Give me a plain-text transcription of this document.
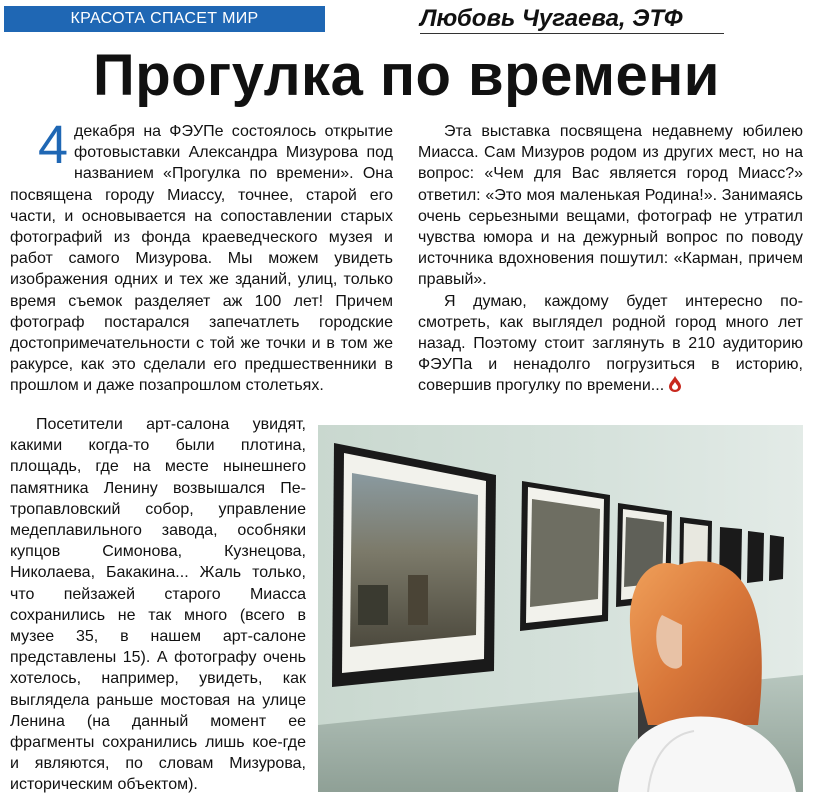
КРАСОТА СПАСЕТ МИР	Любовь Чугаева, ЭТФ
Прогулка по времени
4 декабря на ФЭУПе состоялось открытие фотовыставки Александра Мизурова под названием «Прогулка по времени». Она посвящена городу Миассу, точнее, старой его части, и основывается на сопоставлении старых фотографий из фонда краеведческого музея и работ самого Мизурова. Мы можем увидеть изображения одних и тех же зданий, улиц, только время съемок разделяет аж 100 лет! Причем фотограф постарался запечатлеть городские достопримечательности с той же точки и в том же ракурсе, как это сделали его предшественники в прошлом и даже позапрошлом столетьях.

Посетители арт-салона увидят, какими когда-то были плотина, площадь, где на месте нынешнего памятника Ленину возвышался Петропавловский собор, управление медеплавильного завода, особняки купцов Симонова, Кузнецова, Николаева, Бакакина... Жаль только, что пейзажей старого Миасса сохранились не так много (всего в музее 35, в нашем арт-салоне представлены 15). А фотографу очень хотелось, например, увидеть, как выглядела раньше мостовая на улице Ленина (на данный момент ее фрагменты сохранились лишь кое-где и являются, по словам Мизурова, историческим объектом).

Эта выставка посвящена недавнему юбилею Миасса. Сам Мизуров родом из других мест, но на вопрос: «Чем для Вас является город Миасс?» ответил: «Это моя маленькая Родина!». Занимаясь очень серьезными вещами, фотограф не утратил чувства юмора и на дежурный вопрос по поводу источника вдохновения пошутил: «Карман, причем правый».

Я думаю, каждому будет интересно посмотреть, как выглядел родной город много лет назад. Поэтому стоит заглянуть в 210 аудиторию ФЭУПа и ненадолго погрузиться в историю, совершив прогулку по времени...
